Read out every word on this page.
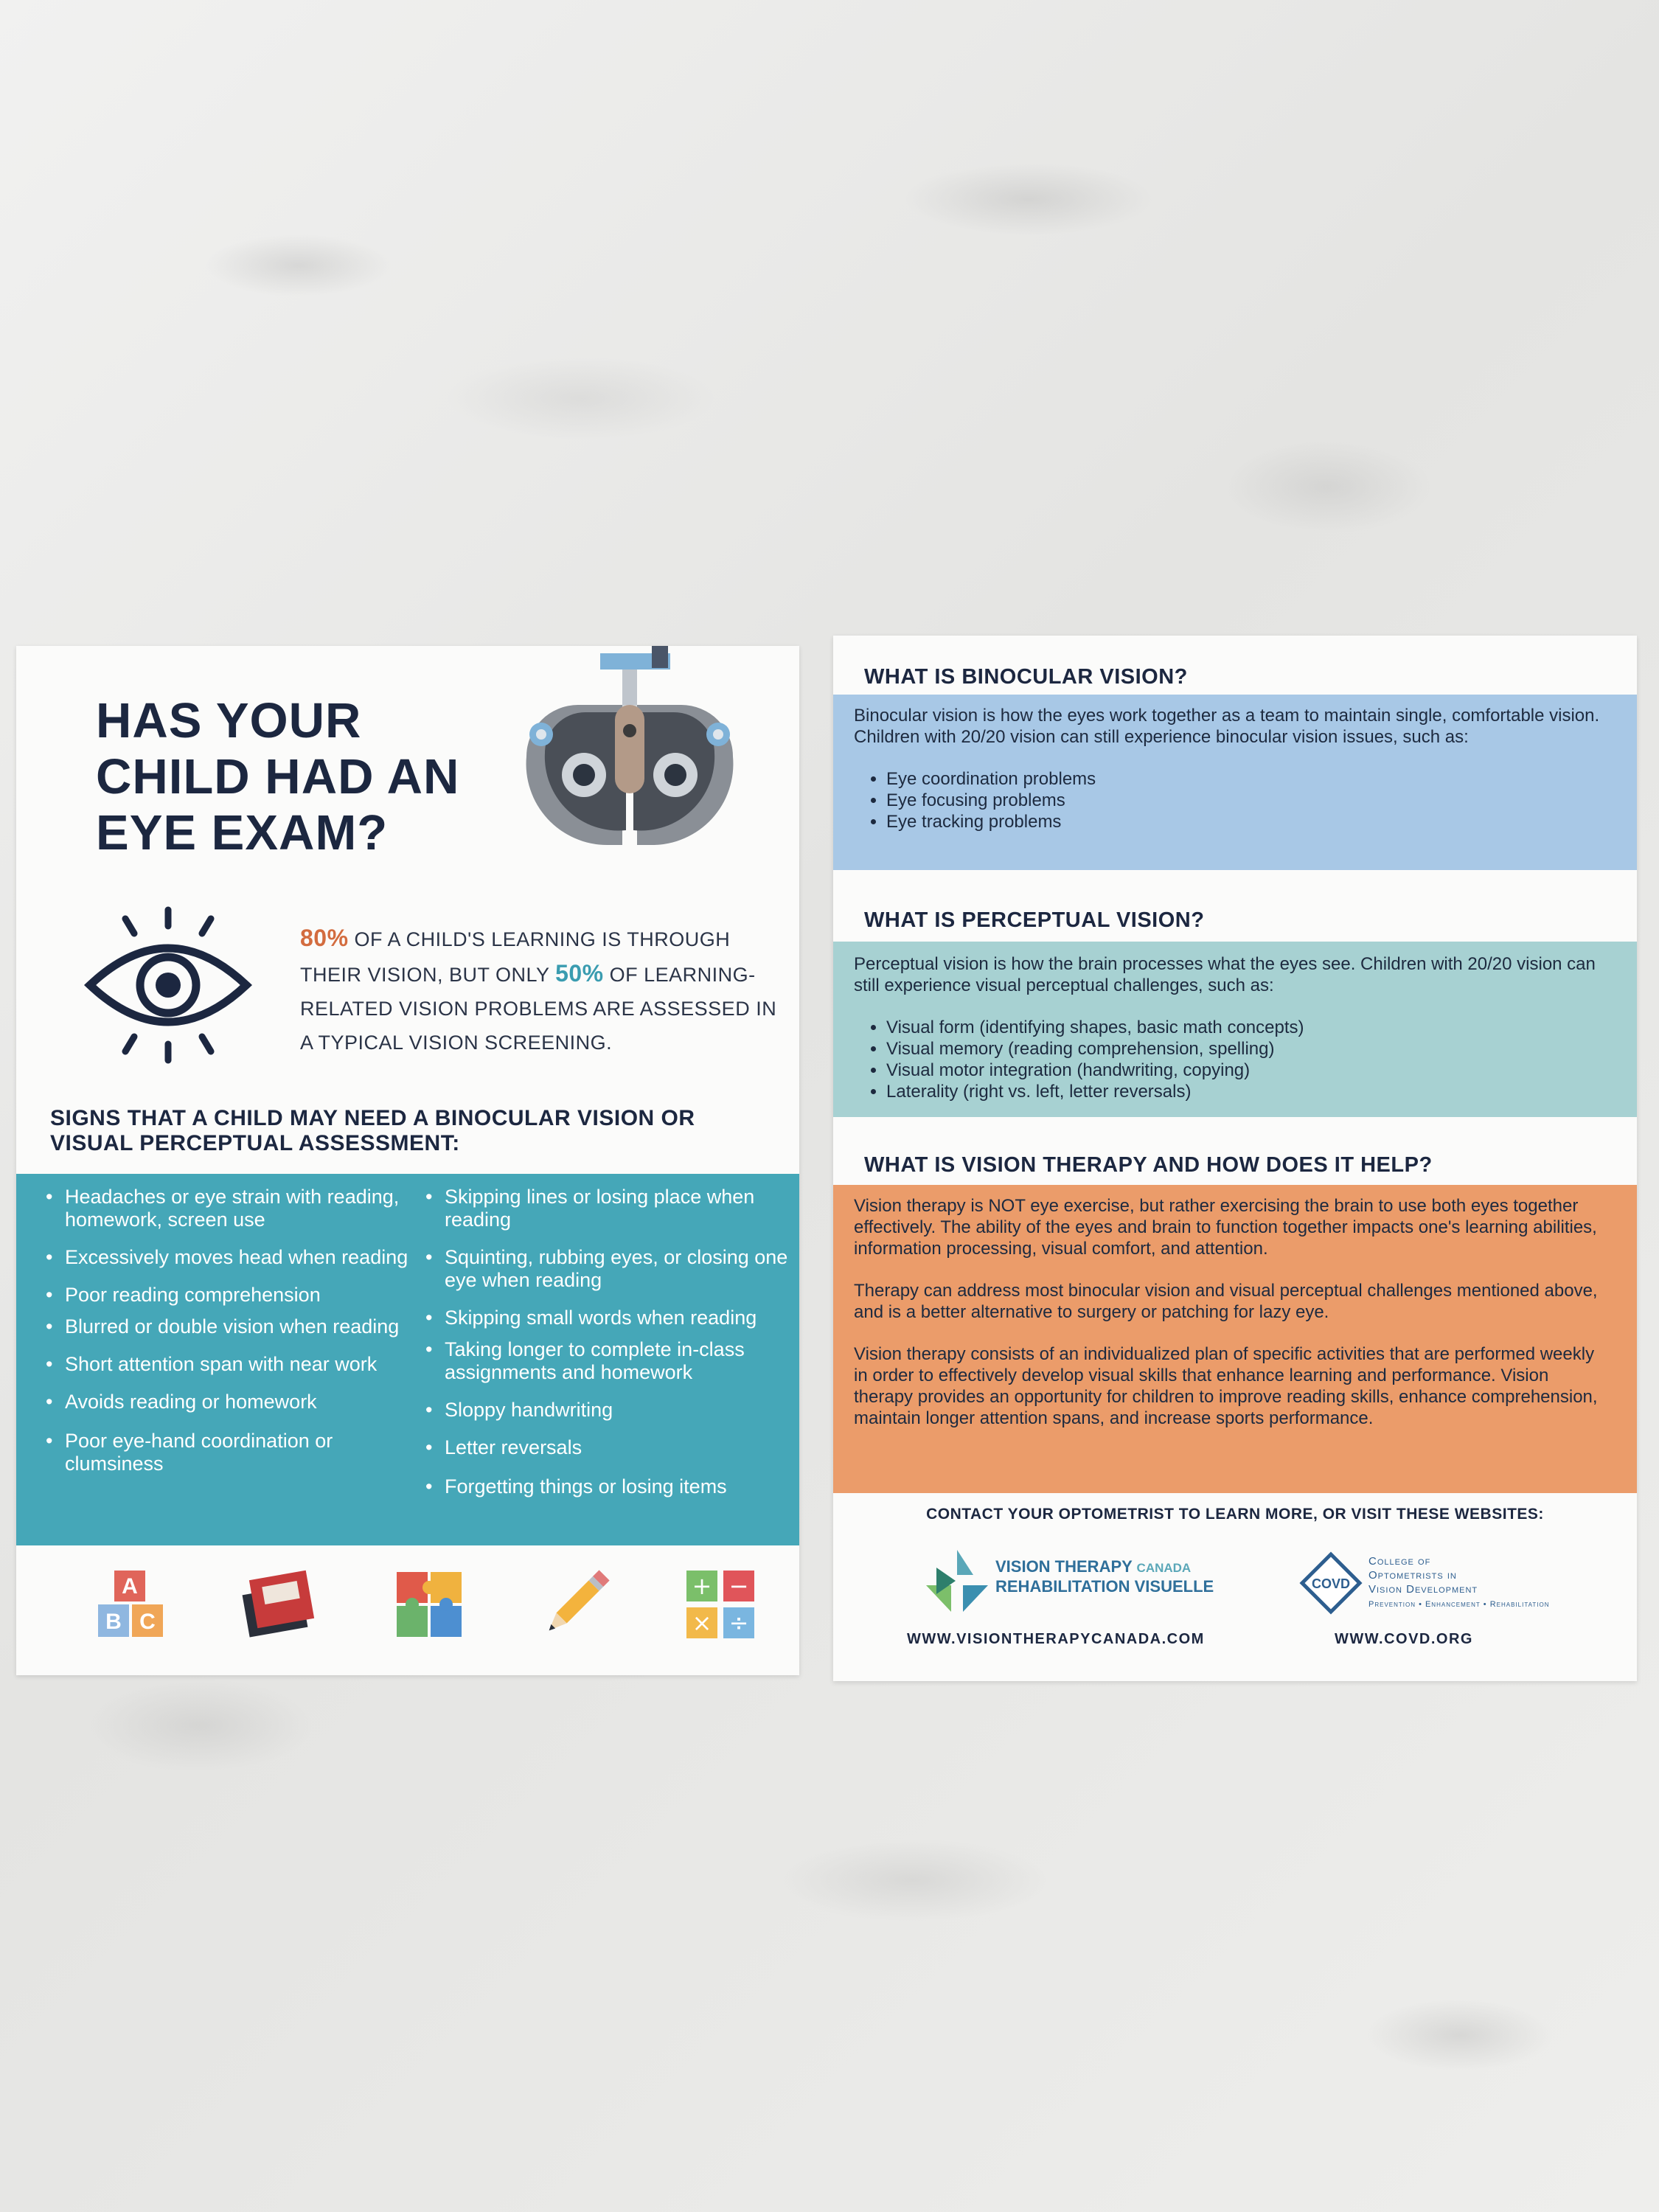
HAS YOUR
CHILD HAD AN
EYE EXAM?

80% OF A CHILD'S LEARNING IS THROUGH THEIR VISION, BUT ONLY 50% OF LEARNING-RELATED VISION PROBLEMS ARE ASSESSED IN A TYPICAL VISION SCREENING.

SIGNS THAT A CHILD MAY NEED A BINOCULAR VISION OR VISUAL PERCEPTUAL ASSESSMENT:
• Headaches or eye strain with reading, homework, screen use
• Excessively moves head when reading
• Poor reading comprehension
• Blurred or double vision when reading
• Short attention span with near work
• Avoids reading or homework
• Poor eye-hand coordination or clumsiness
• Skipping lines or losing place when reading
• Squinting, rubbing eyes, or closing one eye when reading
• Skipping small words when reading
• Taking longer to complete in-class assignments and homework
• Sloppy handwriting
• Letter reversals
• Forgetting things or losing items
A
B C
+ −
× ÷
WHAT IS BINOCULAR VISION?

Binocular vision is how the eyes work together as a team to maintain single, comfortable vision. Children with 20/20 vision can still experience binocular vision issues, such as:

• Eye coordination problems
• Eye focusing problems
• Eye tracking problems
WHAT IS PERCEPTUAL VISION?

Perceptual vision is how the brain processes what the eyes see. Children with 20/20 vision can still experience visual perceptual challenges, such as:

• Visual form (identifying shapes, basic math concepts)
• Visual memory (reading comprehension, spelling)
• Visual motor integration (handwriting, copying)
• Laterality (right vs. left, letter reversals)
WHAT IS VISION THERAPY AND HOW DOES IT HELP?

Vision therapy is NOT eye exercise, but rather exercising the brain to use both eyes together effectively. The ability of the eyes and brain to function together impacts one's learning abilities, information processing, visual comfort, and attention.

Therapy can address most binocular vision and visual perceptual challenges mentioned above, and is a better alternative to surgery or patching for lazy eye.

Vision therapy consists of an individualized plan of specific activities that are performed weekly in order to effectively develop visual skills that enhance learning and performance. Vision therapy provides an opportunity for children to improve reading skills, enhance comprehension, maintain longer attention spans, and increase sports performance.

CONTACT YOUR OPTOMETRIST TO LEARN MORE, OR VISIT THESE WEBSITES:

VISION THERAPY CANADA
REHABILITATION VISUELLE	COVD
College of
Optometrists in
Vision Development
Prevention • Enhancement • Rehabilitation

WWW.VISIONTHERAPYCANADA.COM	WWW.COVD.ORG
